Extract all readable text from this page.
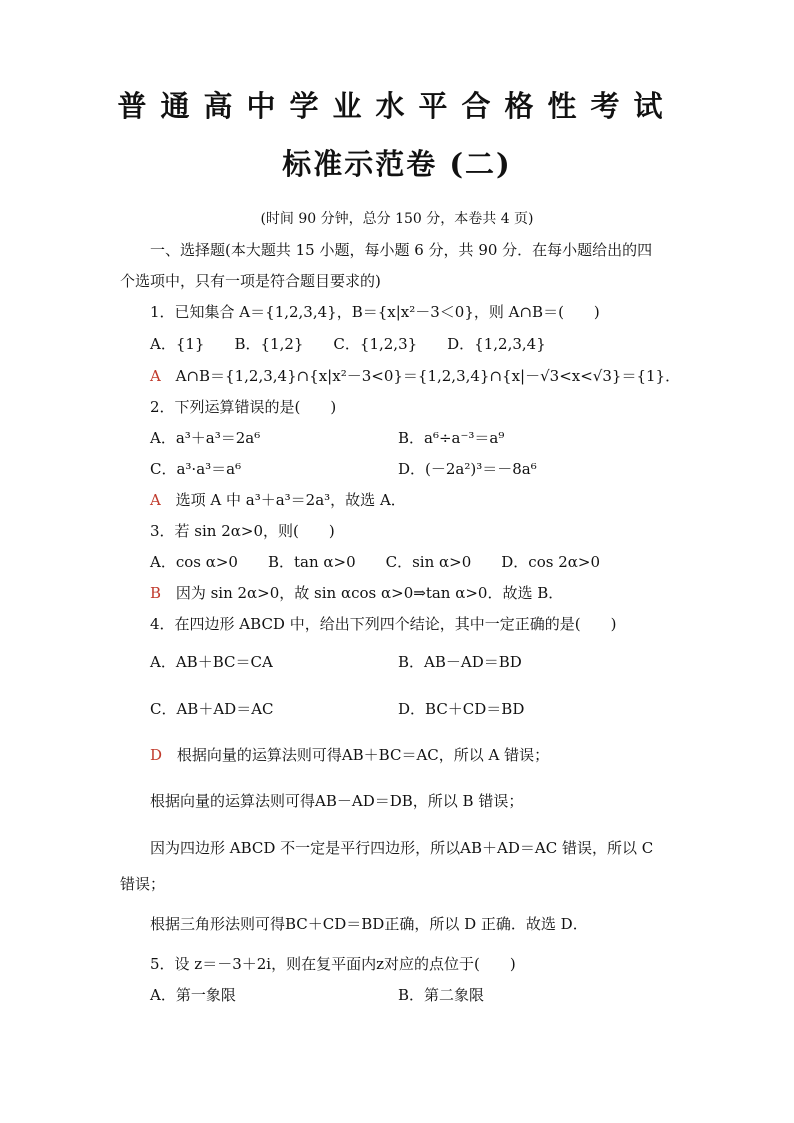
普通高中学业水平合格性考试
标准示范卷 (二)
(时间 90 分钟，总分 150 分，本卷共 4 页)
一、选择题(本大题共 15 小题，每小题 6 分，共 90 分．在每小题给出的四
个选项中，只有一项是符合题目要求的)
1．已知集合 A＝{1,2,3,4}，B＝{x|x²－3＜0}，则 A∩B＝(　　)
A．{1}　　B．{1,2}　　C．{1,2,3}　　D．{1,2,3,4}
A A∩B＝{1,2,3,4}∩{x|x²－3<0}＝{1,2,3,4}∩{x|－√3<x<√3}＝{1}．
2．下列运算错误的是(　　)
A．a³＋a³＝2a⁶	B．a⁶÷a⁻³＝a⁹
C．a³·a³＝a⁶	D．(－2a²)³＝－8a⁶
A 选项 A 中 a³＋a³＝2a³，故选 A．
3．若 sin 2α>0，则(　　)
A．cos α>0　　B．tan α>0　　C．sin α>0　　D．cos 2α>0
B 因为 sin 2α>0，故 sin αcos α>0⇒tan α>0．故选 B．
4．在四边形 ABCD 中，给出下列四个结论，其中一定正确的是(　　)
A．AB＋BC＝CA	B．AB－AD＝BD
C．AB＋AD＝AC	D．BC＋CD＝BD
D 根据向量的运算法则可得AB＋BC＝AC，所以 A 错误；
根据向量的运算法则可得AB－AD＝DB，所以 B 错误；
因为四边形 ABCD 不一定是平行四边形，所以AB＋AD＝AC 错误，所以 C
错误；
根据三角形法则可得BC＋CD＝BD正确，所以 D 正确．故选 D．
5．设 z＝－3＋2i，则在复平面内z对应的点位于(　　)
A．第一象限	B．第二象限
